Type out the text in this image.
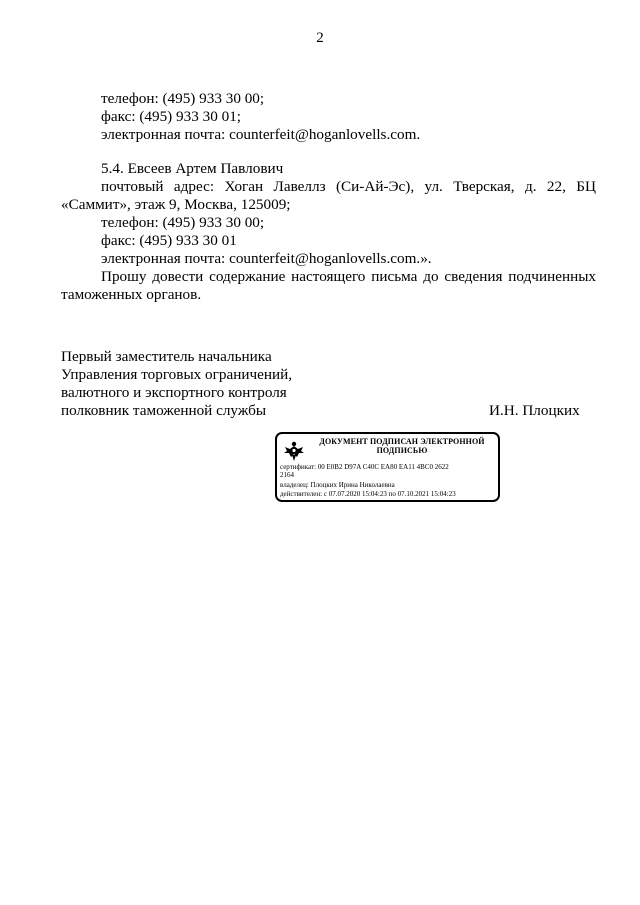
2
телефон: (495) 933 30 00;
факс: (495) 933 30 01;
электронная почта: counterfeit@hoganlovells.com.
5.4. Евсеев Артем Павлович
почтовый адрес: Хоган Лавеллз (Си-Ай-Эс), ул. Тверская, д. 22, БЦ
«Саммит», этаж 9, Москва, 125009;
телефон: (495) 933 30 00;
факс: (495) 933 30 01
электронная почта: counterfeit@hoganlovells.com.».
Прошу довести содержание настоящего письма до сведения подчиненных
таможенных органов.
Первый заместитель начальника
Управления торговых ограничений,
валютного и экспортного контроля
полковник таможенной службы	И.Н. Плоцких
ДОКУМЕНТ ПОДПИСАН ЭЛЕКТРОННОЙ
ПОДПИСЬЮ
сертификат: 00 E0B2 D97A C40C EA80 EA11 4BC0 2622
2164
владелец: Плоцких Ирина Николаевна
действителен: с 07.07.2020 15:04:23 по 07.10.2021 15:04:23
